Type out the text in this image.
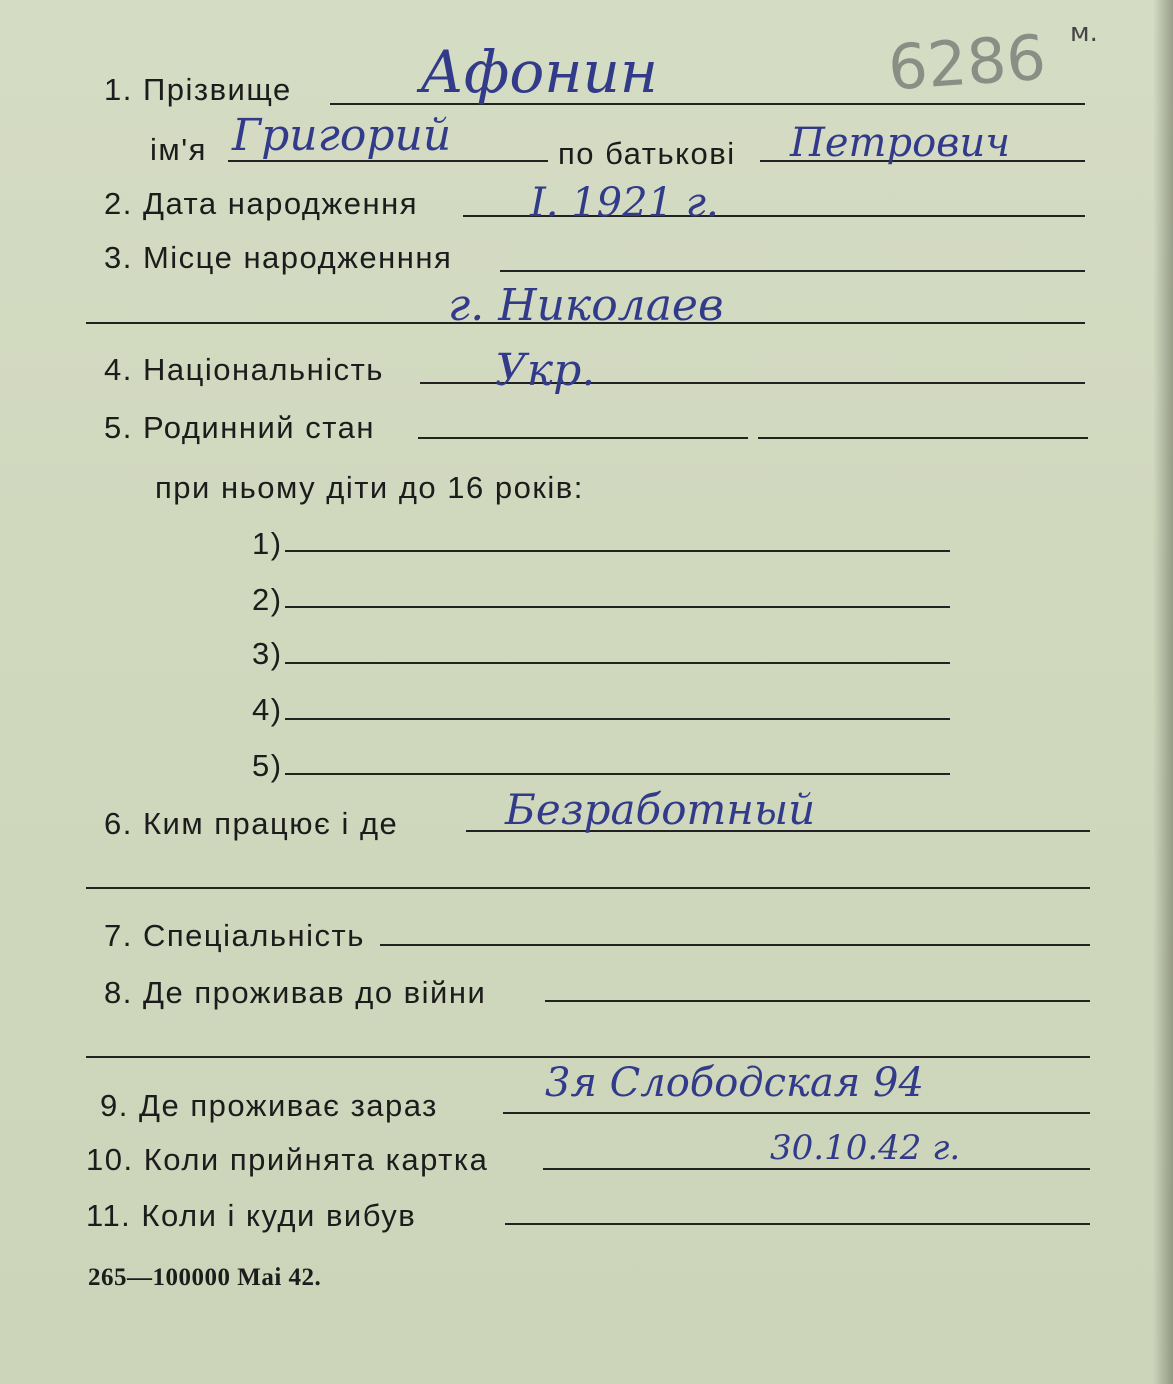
6286 м.
1. Прізвище Афонин
ім'я Григорий	по батькові Петрович
2. Дата народження	I. 1921 г.
3. Місце народженння
г. Николаев
4. Національність	Укр.
5. Родинний стан
при ньому діти до 16 років:
1)
2)
3)
4)
5)
6. Ким працює і де	Безработный
7. Спеціальність
8. Де проживав до війни
9. Де проживає зараз	3я Слободская 94
10. Коли прийнята картка	30.10.42 г.
11. Коли і куди вибув
265—100000 Маі 42.
